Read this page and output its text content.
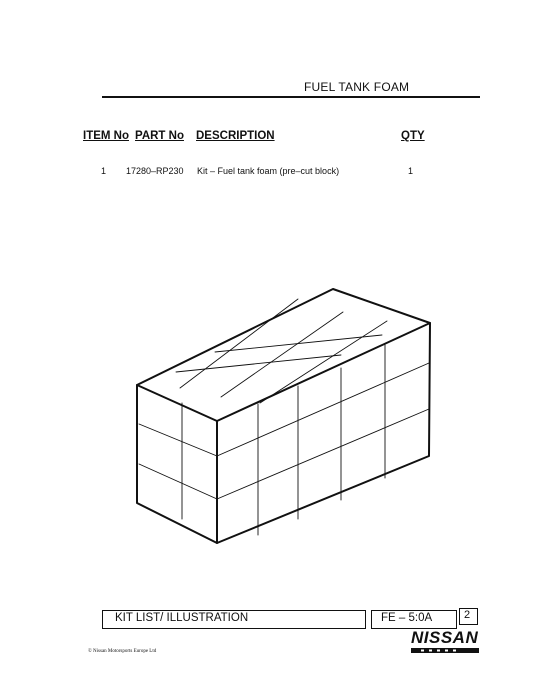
FUEL TANK FOAM
ITEM No PART No DESCRIPTION	QTY
1 17280–RP230 Kit – Fuel tank foam (pre–cut block)	1
KIT LIST/ ILLUSTRATION	FE – 5:0A	2
NISSAN
© Nissan Motorsports Europe Ltd
